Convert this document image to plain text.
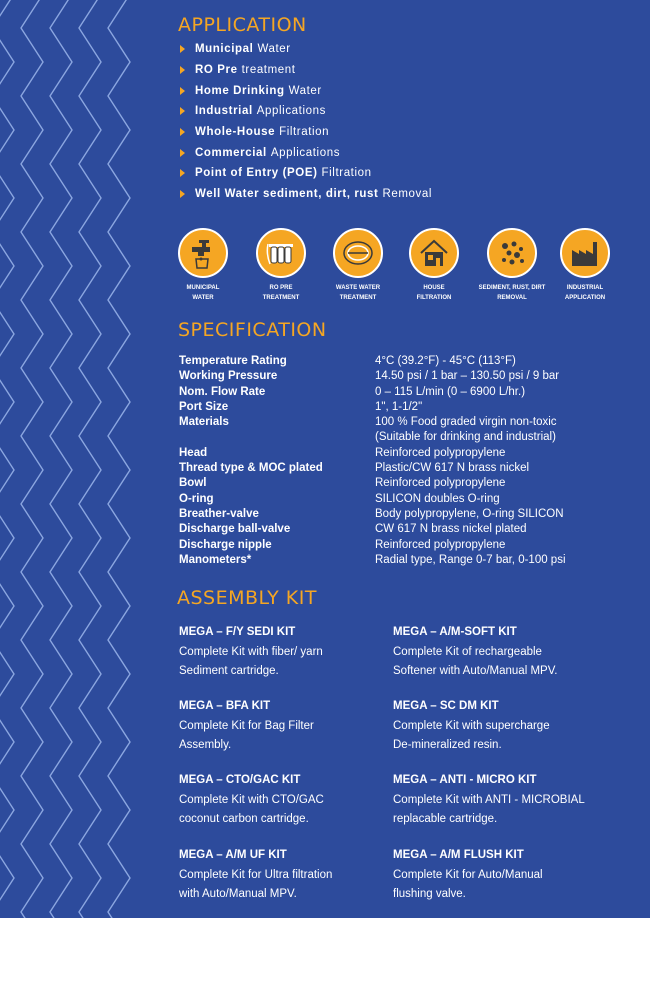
APPLICATION
Municipal Water
RO Pre treatment
Home Drinking Water
Industrial Applications
Whole-House Filtration
Commercial Applications
Point of Entry (POE) Filtration
Well Water sediment, dirt, rust Removal
MUNICIPAL
WATER
RO PRE
TREATMENT
WASTE WATER
TREATMENT
HOUSE
FILTRATION
SEDIMENT, RUST, DIRT
REMOVAL
INDUSTRIAL
APPLICATION
SPECIFICATION
Temperature Rating	4°C (39.2°F) - 45°C (113°F)
Working Pressure	14.50 psi / 1 bar – 130.50 psi / 9 bar
Nom. Flow Rate	0 – 115 L/min (0 – 6900 L/hr.)
Port Size	1", 1-1/2"
Materials	100 % Food graded virgin non-toxic
(Suitable for drinking and industrial)
Head	Reinforced polypropylene
Thread type & MOC plated	Plastic/CW 617 N brass nickel
Bowl	Reinforced polypropylene
O-ring	SILICON doubles O-ring
Breather-valve	Body polypropylene, O-ring SILICON
Discharge ball-valve	CW 617 N brass nickel plated
Discharge nipple	Reinforced polypropylene
Manometers*	Radial type, Range 0-7 bar, 0-100 psi
ASSEMBLY KIT
MEGA – F/Y SEDI KIT
Complete Kit with fiber/ yarn
Sediment cartridge.
MEGA – A/M-SOFT KIT
Complete Kit of rechargeable
Softener with Auto/Manual MPV.
MEGA – BFA KIT
Complete Kit for Bag Filter
Assembly.
MEGA – SC DM KIT
Complete Kit with supercharge
De-mineralized resin.
MEGA – CTO/GAC KIT
Complete Kit with CTO/GAC
coconut carbon cartridge.
MEGA – ANTI - MICRO KIT
Complete Kit with ANTI - MICROBIAL
replacable cartridge.
MEGA – A/M UF KIT
Complete Kit for Ultra filtration
with Auto/Manual MPV.
MEGA – A/M FLUSH KIT
Complete Kit for Auto/Manual
flushing valve.
